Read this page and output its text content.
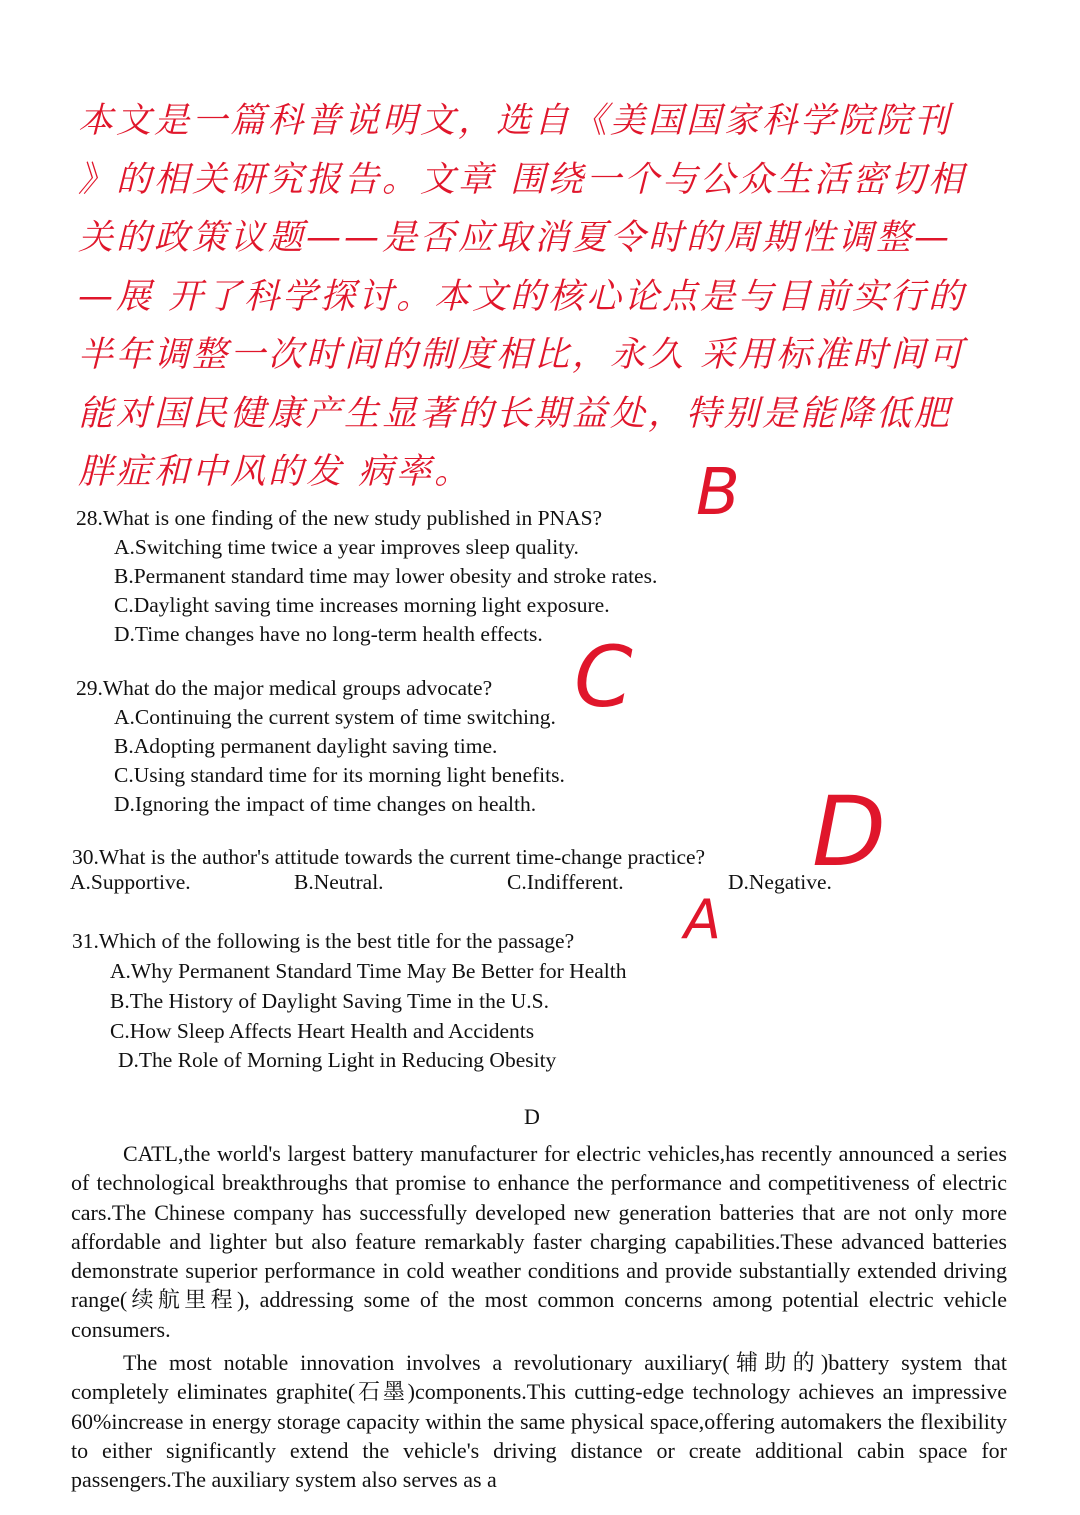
本文是一篇科普说明文，选自《美国国家科学院院刊
》的相关研究报告。文章 围绕一个与公众生活密切相
关的政策议题——是否应取消夏令时的周期性调整—
—展 开了科学探讨。本文的核心论点是与目前实行的
半年调整一次时间的制度相比，永久 采用标准时间可
能对国民健康产生显著的长期益处，特别是能降低肥
胖症和中风的发 病率。
28.What is one finding of the new study published in PNAS?
A.Switching time twice a year improves sleep quality.
B.Permanent standard time may lower obesity and stroke rates.
C.Daylight saving time increases morning light exposure.
D.Time changes have no long-term health effects.
B
29.What do the major medical groups advocate?
A.Continuing the current system of time switching.
B.Adopting permanent daylight saving time.
C.Using standard time for its morning light benefits.
D.Ignoring the impact of time changes on health.
C
30.What is the author's attitude towards the current time-change practice?
A.Supportive.	B.Neutral.	C.Indifferent.	D.Negative.
D
31.Which of the following is the best title for the passage?
A.Why Permanent Standard Time May Be Better for Health
B.The History of Daylight Saving Time in the U.S.
C.How Sleep Affects Heart Health and Accidents
D.The Role of Morning Light in Reducing Obesity
A
D

CATL,the world's largest battery manufacturer for electric vehicles,has recently announced a series of technological breakthroughs that promise to enhance the performance and competitiveness of electric cars.The Chinese company has successfully developed new generation batteries that are not only more affordable and lighter but also feature remarkably faster charging capabilities.These advanced batteries demonstrate superior performance in cold weather conditions and provide substantially extended driving range(续航里程), addressing some of the most common concerns among potential electric vehicle consumers.

The most notable innovation involves a revolutionary auxiliary(辅助的)battery system that completely eliminates graphite(石墨)components.This cutting-edge technology achieves an impressive 60%increase in energy storage capacity within the same physical space,offering automakers the flexibility to either significantly extend the vehicle's driving distance or create additional cabin space for passengers.The auxiliary system also serves as a
